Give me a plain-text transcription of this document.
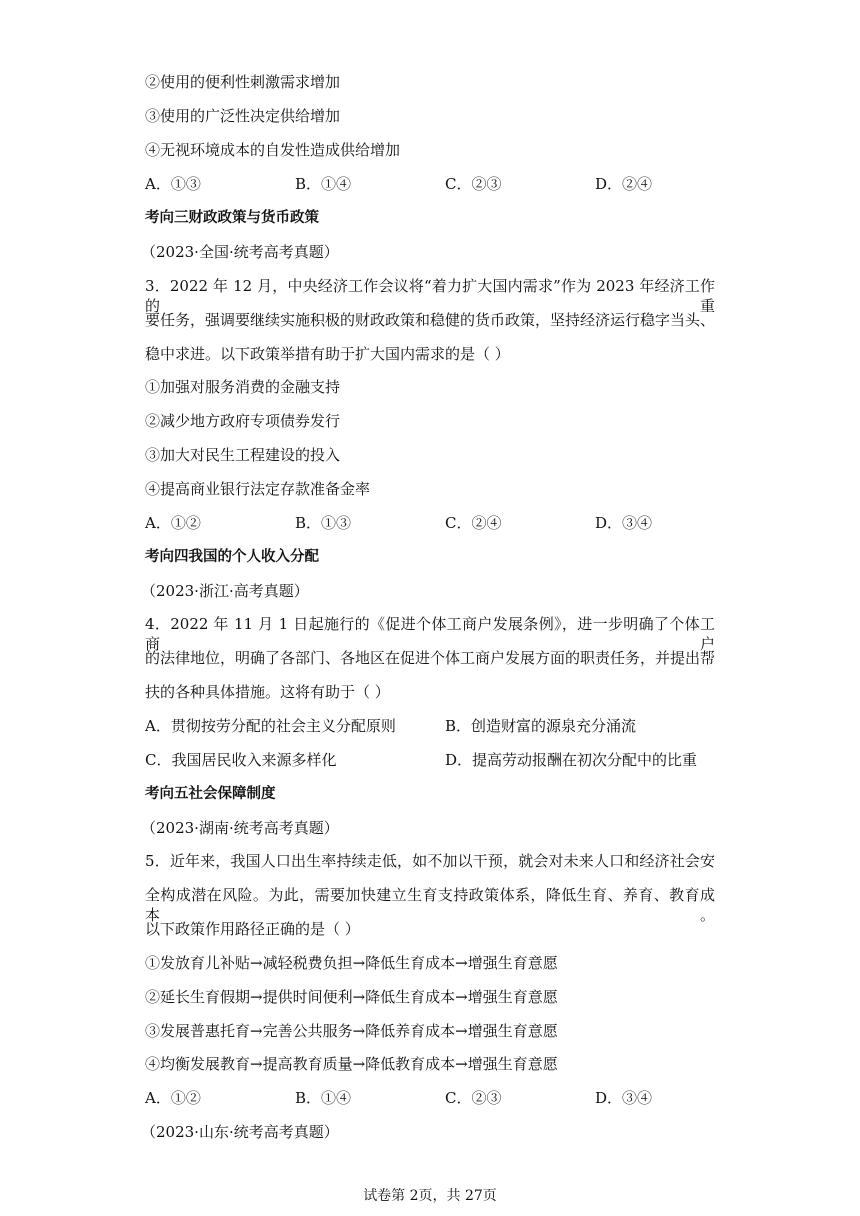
②使用的便利性刺激需求增加
③使用的广泛性决定供给增加
④无视环境成本的自发性造成供给增加
A．①③	B．①④	C．②③	D．②④
考向三财政政策与货币政策
（2023·全国·统考高考真题）
3．2022 年 12 月，中央经济工作会议将“着力扩大国内需求”作为 2023 年经济工作的重
要任务，强调要继续实施积极的财政政策和稳健的货币政策，坚持经济运行稳字当头、
稳中求进。以下政策举措有助于扩大国内需求的是（ ）
①加强对服务消费的金融支持
②减少地方政府专项债券发行
③加大对民生工程建设的投入
④提高商业银行法定存款准备金率
A．①②	B．①③	C．②④	D．③④
考向四我国的个人收入分配
（2023·浙江·高考真题）
4．2022 年 11 月 1 日起施行的《促进个体工商户发展条例》，进一步明确了个体工商户
的法律地位，明确了各部门、各地区在促进个体工商户发展方面的职责任务，并提出帮
扶的各种具体措施。这将有助于（ ）
A．贯彻按劳分配的社会主义分配原则	B．创造财富的源泉充分涌流
C．我国居民收入来源多样化	D．提高劳动报酬在初次分配中的比重
考向五社会保障制度
（2023·湖南·统考高考真题）
5．近年来，我国人口出生率持续走低，如不加以干预，就会对未来人口和经济社会安
全构成潜在风险。为此，需要加快建立生育支持政策体系，降低生育、养育、教育成本。
以下政策作用路径正确的是（ ）
①发放育儿补贴→减轻税费负担→降低生育成本→增强生育意愿
②延长生育假期→提供时间便利→降低生育成本→增强生育意愿
③发展普惠托育→完善公共服务→降低养育成本→增强生育意愿
④均衡发展教育→提高教育质量→降低教育成本→增强生育意愿
A．①②	B．①④	C．②③	D．③④
（2023·山东·统考高考真题）
试卷第 2页，共 27页
